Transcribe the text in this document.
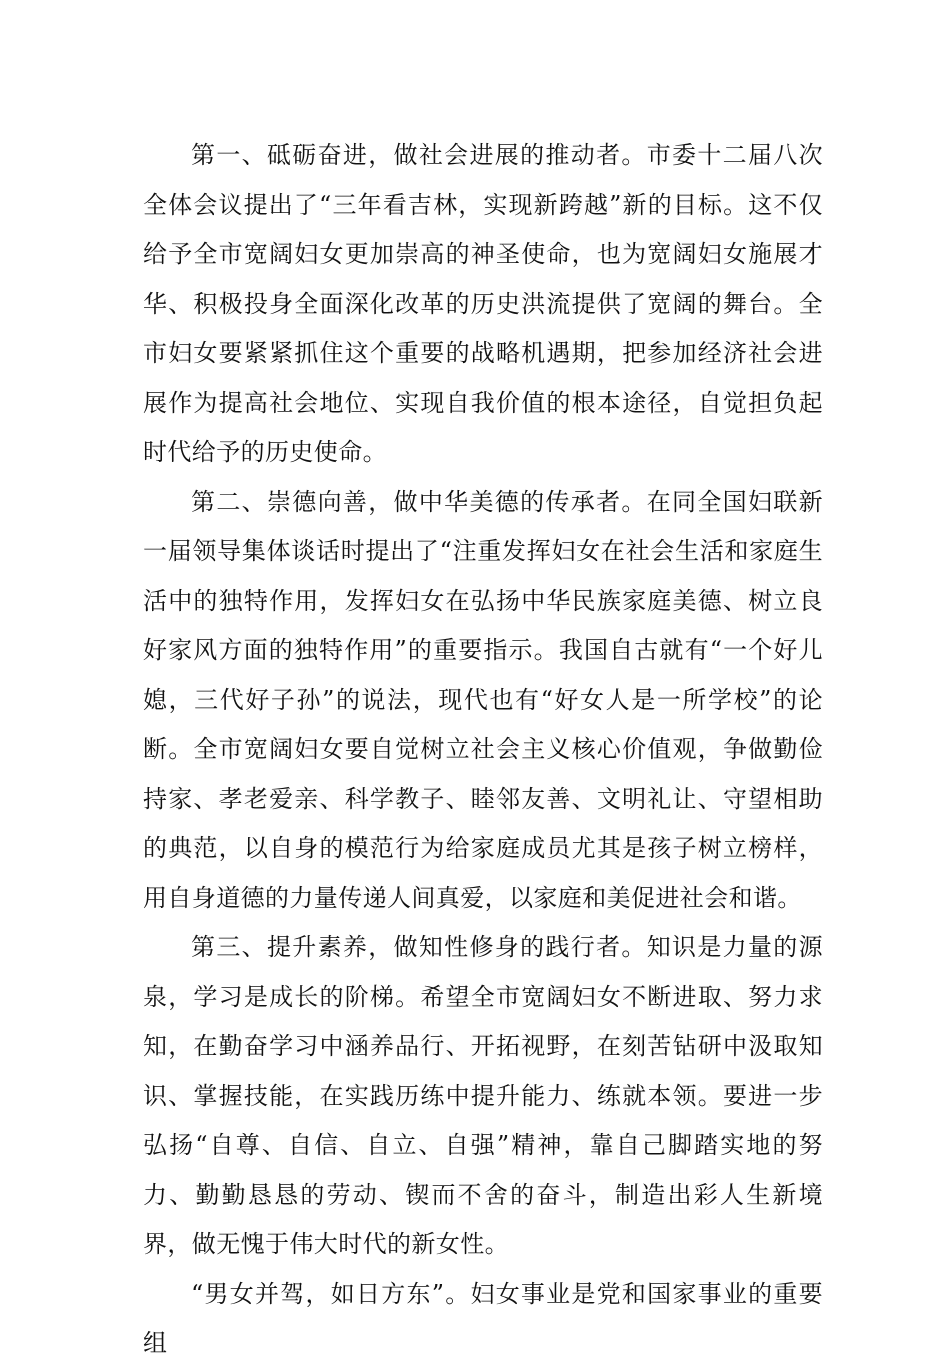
第一、砥砺奋进，做社会进展的推动者。市委十二届八次全体会议提出了“三年看吉林，实现新跨越”新的目标。这不仅给予全市宽阔妇女更加崇高的神圣使命，也为宽阔妇女施展才华、积极投身全面深化改革的历史洪流提供了宽阔的舞台。全市妇女要紧紧抓住这个重要的战略机遇期，把参加经济社会进展作为提高社会地位、实现自我价值的根本途径，自觉担负起时代给予的历史使命。

第二、崇德向善，做中华美德的传承者。在同全国妇联新一届领导集体谈话时提出了“注重发挥妇女在社会生活和家庭生活中的独特作用，发挥妇女在弘扬中华民族家庭美德、树立良好家风方面的独特作用”的重要指示。我国自古就有“一个好儿媳，三代好子孙”的说法，现代也有“好女人是一所学校”的论断。全市宽阔妇女要自觉树立社会主义核心价值观，争做勤俭持家、孝老爱亲、科学教子、睦邻友善、文明礼让、守望相助的典范，以自身的模范行为给家庭成员尤其是孩子树立榜样，用自身道德的力量传递人间真爱，以家庭和美促进社会和谐。

第三、提升素养，做知性修身的践行者。知识是力量的源泉，学习是成长的阶梯。希望全市宽阔妇女不断进取、努力求知，在勤奋学习中涵养品行、开拓视野，在刻苦钻研中汲取知识、掌握技能，在实践历练中提升能力、练就本领。要进一步弘扬“自尊、自信、自立、自强”精神，靠自己脚踏实地的努力、勤勤恳恳的劳动、锲而不舍的奋斗，制造出彩人生新境界，做无愧于伟大时代的新女性。

“男女并驾，如日方东”。妇女事业是党和国家事业的重要组
